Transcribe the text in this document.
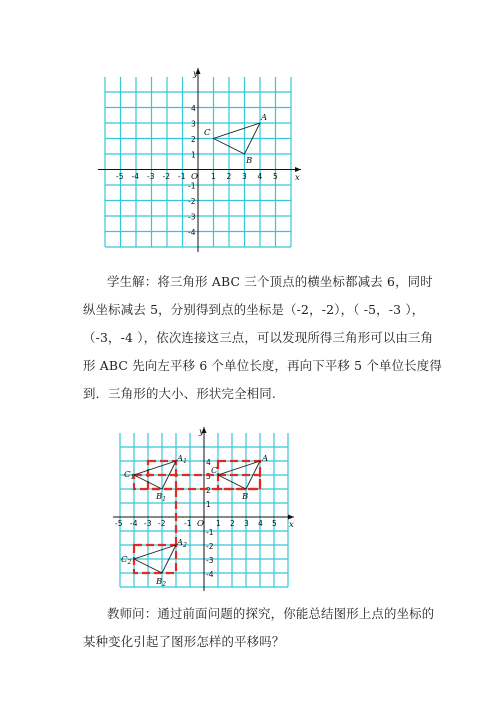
y
x
O
-5 -4 -3 -2 -1	1 2 3 4 5
4
3
2
1
-1
-2
-3
-4
A
B
C

学生解：将三角形 ABC 三个顶点的横坐标都减去 6，同时纵坐标减去 5，分别得到点的坐标是（-2，-2），（ -5，-3 ），（-3，-4 ），依次连接这三点，可以发现所得三角形可以由三角形 ABC 先向左平移 6 个单位长度，再向下平移 5 个单位长度得到．三角形的大小、形状完全相同.

y
x
O
-5 -4 -3 -2 -1	1 2 3 4 5
4
3
2
1
-1
-2
-3
-4
A
B
C
$A_1$
$B_1$
$C_1$
$A_2$
$B_2$
$C_2$

教师问：通过前面问题的探究，你能总结图形上点的坐标的某种变化引起了图形怎样的平移吗？
